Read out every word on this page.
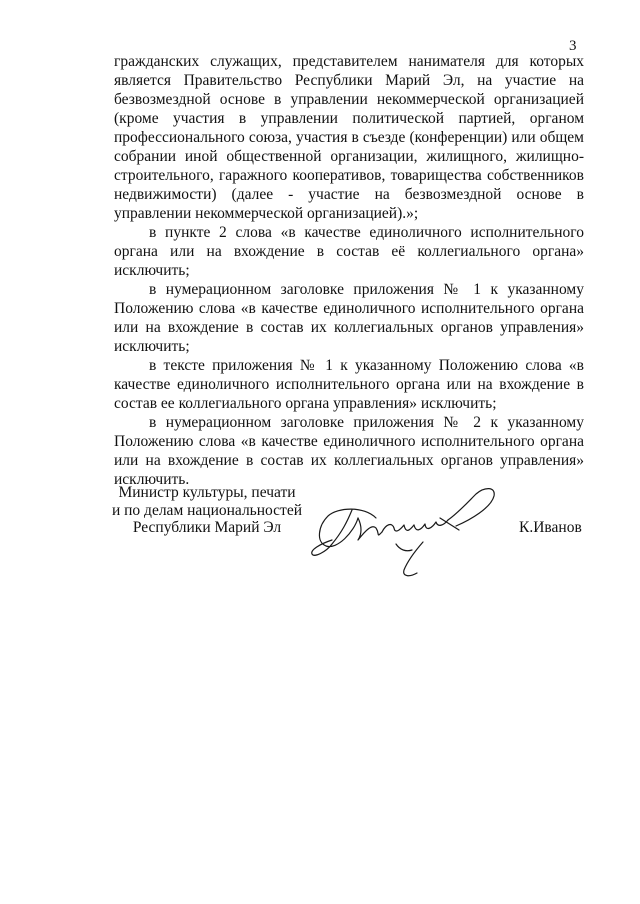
3

гражданских служащих, представителем нанимателя для которых является Правительство Республики Марий Эл, на участие на безвозмездной основе в управлении некоммерческой организацией (кроме участия в управлении политической партией, органом профессионального союза, участия в съезде (конференции) или общем собрании иной общественной организации, жилищного, жилищно-строительного, гаражного кооперативов, товарищества собственников недвижимости) (далее - участие на безвозмездной основе в управлении некоммерческой организацией).»;

в пункте 2 слова «в качестве единоличного исполнительного органа или на вхождение в состав её коллегиального органа» исключить;

в нумерационном заголовке приложения № 1 к указанному Положению слова «в качестве единоличного исполнительного органа или на вхождение в состав их коллегиальных органов управления» исключить;

в тексте приложения № 1 к указанному Положению слова «в качестве единоличного исполнительного органа или на вхождение в состав ее коллегиального органа управления» исключить;

в нумерационном заголовке приложения № 2 к указанному Положению слова «в качестве единоличного исполнительного органа или на вхождение в состав их коллегиальных органов управления» исключить.

Министр культуры, печати
и по делам национальностей
Республики Марий Эл	К.Иванов
